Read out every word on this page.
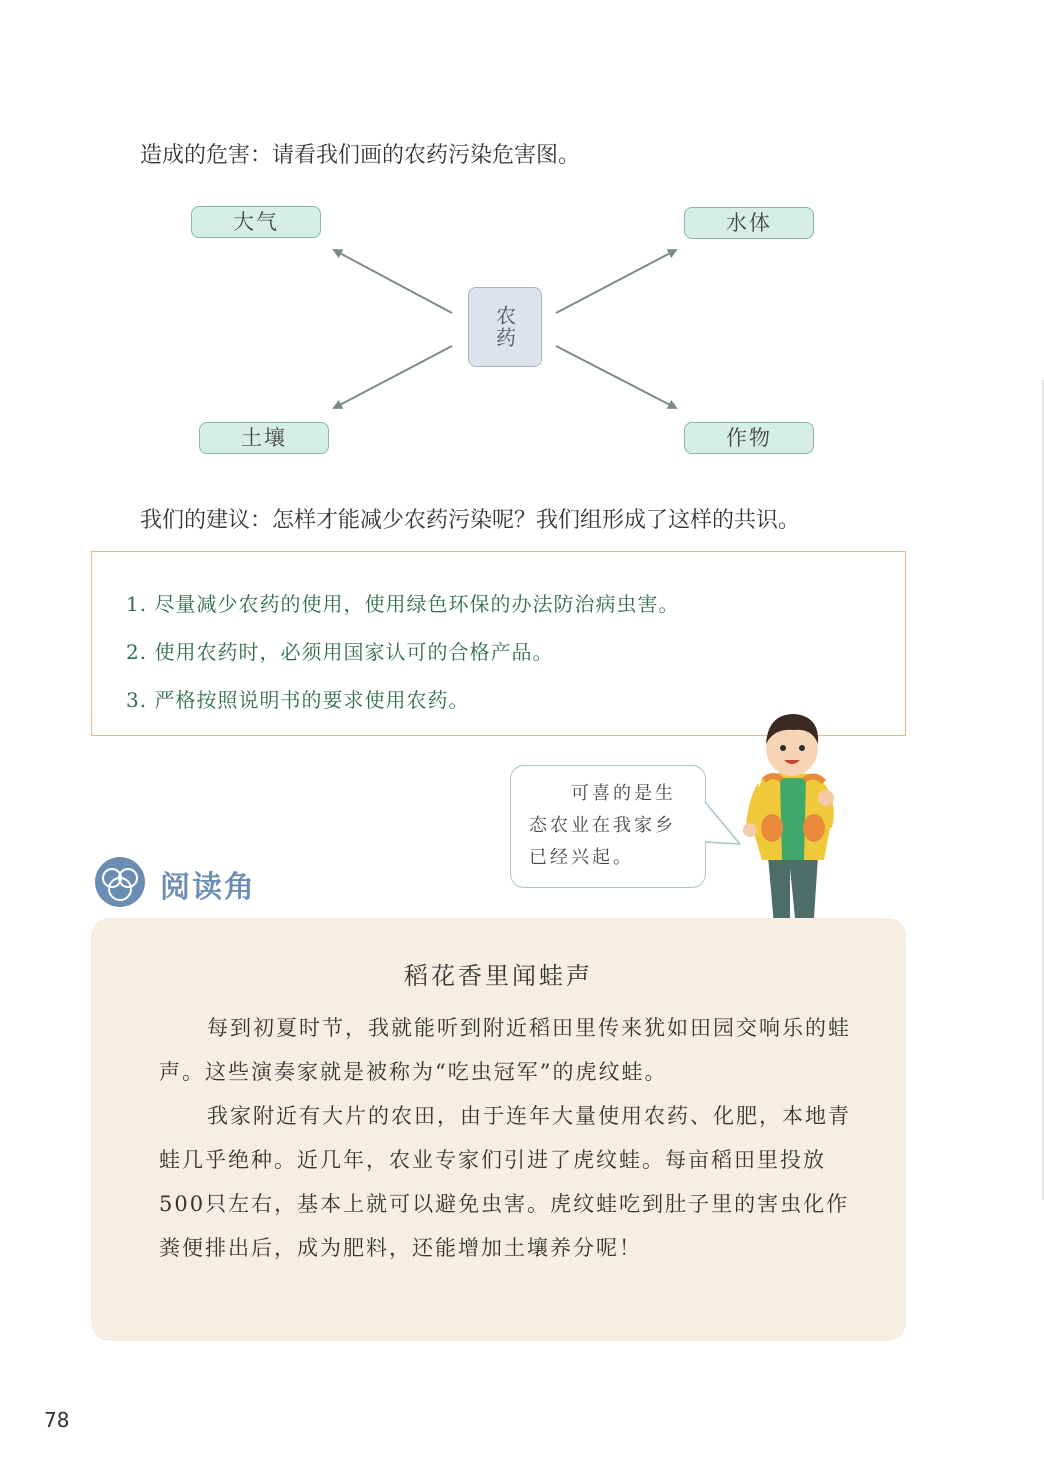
造成的危害：请看我们画的农药污染危害图。
农药
大气	水体
土壤	作物
我们的建议：怎样才能减少农药污染呢？我们组形成了这样的共识。
1. 尽量减少农药的使用，使用绿色环保的办法防治病虫害。
2. 使用农药时，必须用国家认可的合格产品。
3. 严格按照说明书的要求使用农药。

可喜的是生

态农业在我家乡

已经兴起。

阅读角
稻花香里闻蛙声

每到初夏时节，我就能听到附近稻田里传来犹如田园交响乐的蛙声。这些演奏家就是被称为“吃虫冠军”的虎纹蛙。

我家附近有大片的农田，由于连年大量使用农药、化肥，本地青蛙几乎绝种。近几年，农业专家们引进了虎纹蛙。每亩稻田里投放500只左右，基本上就可以避免虫害。虎纹蛙吃到肚子里的害虫化作粪便排出后，成为肥料，还能增加土壤养分呢！

78
